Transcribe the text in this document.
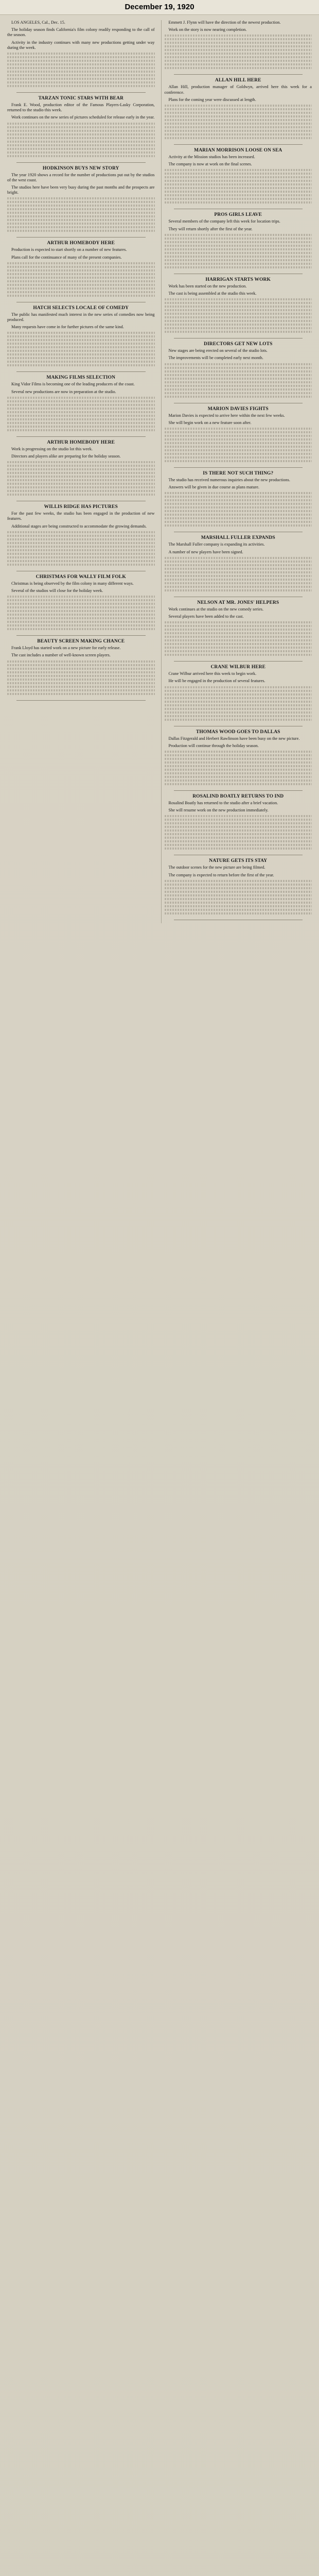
December 19, 1920

LOS ANGELES, Cal., Dec. 15.

The holiday season finds California's film colony readily responding to the call of the season.

Activity in the industry continues with many new productions getting under way during the week.

TARZAN TONIC STARS WITH BEAR

Frank E. Wood, production editor of the Famous Players-Lasky Corporation, returned to the studio this week.

Work continues on the new series of pictures scheduled for release early in the year.

HODKINSON BUYS NEW STORY

The year 1920 shows a record for the number of productions put out by the studios of the west coast.

The studios here have been very busy during the past months and the prospects are bright.

ARTHUR HOMEBODY HERE

Production is expected to start shortly on a number of new features.

Plans call for the continuance of many of the present companies.

HATCH SELECTS LOCALE OF COMEDY

The public has manifested much interest in the new series of comedies now being produced.

Many requests have come in for further pictures of the same kind.

MAKING FILMS SELECTION

King Vidor Films is becoming one of the leading producers of the coast.

Several new productions are now in preparation at the studio.

ARTHUR HOMEBODY HERE

Work is progressing on the studio lot this week.

Directors and players alike are preparing for the holiday season.

WILLIS RIDGE HAS PICTURES

For the past few weeks, the studio has been engaged in the production of new features.

Additional stages are being constructed to accommodate the growing demands.

CHRISTMAS FOR WALLY FILM FOLK

Christmas is being observed by the film colony in many different ways.

Several of the studios will close for the holiday week.

BEAUTY SCREEN MAKING CHANCE

Frank Lloyd has started work on a new picture for early release.

The cast includes a number of well-known screen players.

Emmett J. Flynn will have the direction of the newest production.

Work on the story is now nearing completion.

ALLAN HILL HERE

Allan Hill, production manager of Goldwyn, arrived here this week for a conference.

Plans for the coming year were discussed at length.

MARIAN MORRISON LOOSE ON SEA

Activity at the Mission studios has been increased.

The company is now at work on the final scenes.

PROS GIRLS LEAVE

Several members of the company left this week for location trips.

They will return shortly after the first of the year.

HARRIGAN STARTS WORK

Work has been started on the new production.

The cast is being assembled at the studio this week.

DIRECTORS GET NEW LOTS

New stages are being erected on several of the studio lots.

The improvements will be completed early next month.

MARION DAVIES FIGHTS

Marion Davies is expected to arrive here within the next few weeks.

She will begin work on a new feature soon after.

IS THERE NOT SUCH THING?

The studio has received numerous inquiries about the new productions.

Answers will be given in due course as plans mature.

MARSHALL FULLER EXPANDS

The Marshall Fuller company is expanding its activities.

A number of new players have been signed.

NELSON AT MR. JONES' HELPERS

Work continues at the studio on the new comedy series.

Several players have been added to the cast.

CRANE WILBUR HERE

Crane Wilbur arrived here this week to begin work.

He will be engaged in the production of several features.

THOMAS WOOD GOES TO DALLAS

Dallas Fitzgerald and Herbert Rawlinson have been busy on the new picture.

Production will continue through the holiday season.

ROSALIND BOATLY RETURNS TO IND

Rosalind Boatly has returned to the studio after a brief vacation.

She will resume work on the new production immediately.

NATURE GETS ITS STAY

The outdoor scenes for the new picture are being filmed.

The company is expected to return before the first of the year.
